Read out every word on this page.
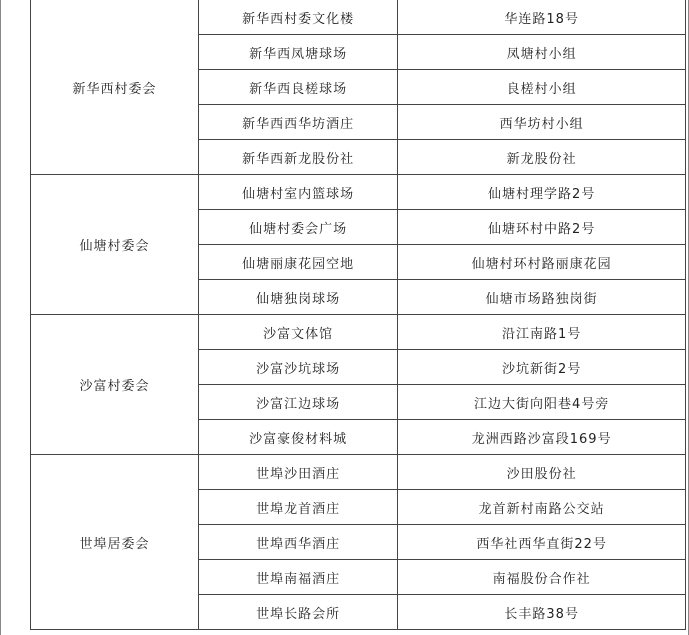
新华西村委会	新华西村委文化楼	华连路18号
	新华西凤塘球场	凤塘村小组
	新华西良槎球场	良槎村小组
	新华西西华坊酒庄	西华坊村小组
	新华西新龙股份社	新龙股份社
仙塘村委会	仙塘村室内篮球场	仙塘村理学路2号
	仙塘村委会广场	仙塘环村中路2号
	仙塘丽康花园空地	仙塘村环村路丽康花园
	仙塘独岗球场	仙塘市场路独岗街
沙富村委会	沙富文体馆	沿江南路1号
	沙富沙坑球场	沙坑新街2号
	沙富江边球场	江边大街向阳巷4号旁
	沙富豪俊材料城	龙洲西路沙富段169号
世埠居委会	世埠沙田酒庄	沙田股份社
	世埠龙首酒庄	龙首新村南路公交站
	世埠西华酒庄	西华社西华直街22号
	世埠南福酒庄	南福股份合作社
	世埠长路会所	长丰路38号
